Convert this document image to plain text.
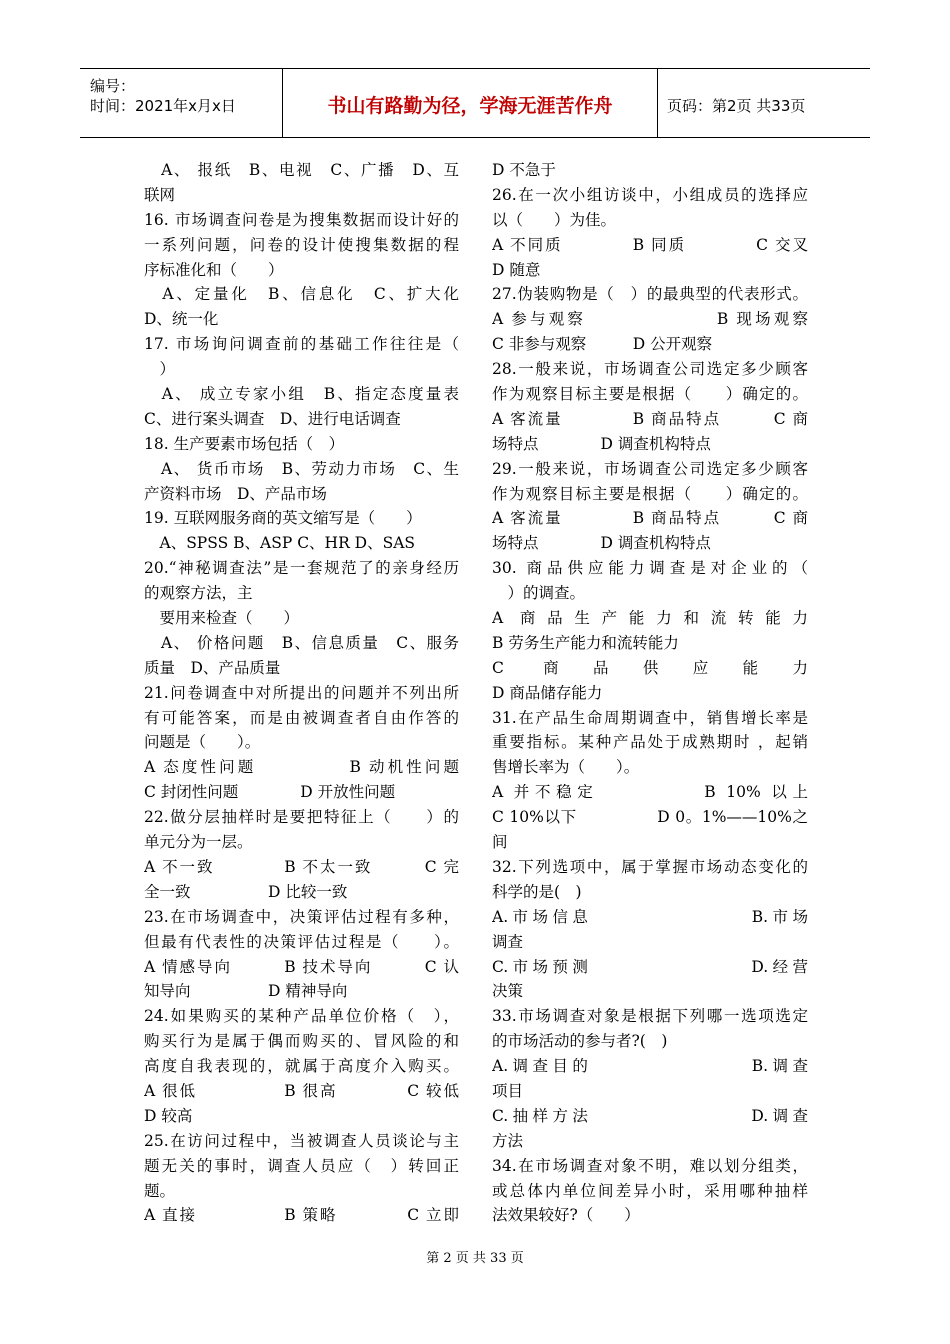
编号：
时间：2021年x月x日	书山有路勤为径，学海无涯苦作舟	页码：第2页 共33页
　A、 报纸　B、电视　C、广播　D、互
联网
16. 市场调查问卷是为搜集数据而设计好的
一系列问题，问卷的设计使搜集数据的程
序标准化和（　　）
　A、定量化　B、信息化　C、扩大化
D、统一化
17. 市场询问调查前的基础工作往往是（
　）
　A、 成立专家小组　B、指定态度量表
C、进行案头调查　D、进行电话调查
18. 生产要素市场包括（　）
　A、 货币市场　B、劳动力市场　C、生
产资料市场　D、产品市场
19. 互联网服务商的英文缩写是（　　）
　A、SPSS B、ASP C、HR D、SAS
20.“神秘调查法”是一套规范了的亲身经历
的观察方法，主
　要用来检查（　　）
　A、 价格问题　B、信息质量　C、服务
质量　D、产品质量
21.问卷调查中对所提出的问题并不列出所
有可能答案，而是由被调查者自由作答的
问题是（　　）。
A 态度性问题　　　　　B 动机性问题
C 封闭性问题　　　　D 开放性问题
22.做分层抽样时是要把特征上（　　）的
单元分为一层。
A 不一致　　　　B 不太一致　　　C 完
全一致　　　　　D 比较一致
23.在市场调查中，决策评估过程有多种，
但最有代表性的决策评估过程是（　　）。
A 情感导向　　　B 技术导向　　　C 认
知导向　　　　　D 精神导向
24.如果购买的某种产品单位价格（　），
购买行为是属于偶而购买的、冒风险的和
高度自我表现的，就属于高度介入购买。
A 很低　　　　　B 很高　　　　C 较低
D 较高
25.在访问过程中，当被调查人员谈论与主
题无关的事时，调查人员应（　）转回正
题。
A 直接　　　　　B 策略　　　　C 立即
D 不急于
26.在一次小组访谈中，小组成员的选择应
以（　　）为佳。
A 不同质　　　　B 同质　　　　C 交叉
D 随意
27.伪装购物是（　）的最典型的代表形式。
A 参与观察　　　　　　　B 现场观察
C 非参与观察　　　D 公开观察
28.一般来说，市场调查公司选定多少顾客
作为观察目标主要是根据（　　）确定的。
A 客流量　　　　B 商品特点　　　C 商
场特点　　　　D 调查机构特点
29.一般来说，市场调查公司选定多少顾客
作为观察目标主要是根据（　　）确定的。
A 客流量　　　　B 商品特点　　　C 商
场特点　　　　D 调查机构特点
30. 商品供应能力调查是对企业的（
　）的调查。
A 商品生产能力和流转能力
B 劳务生产能力和流转能力
C 商品供应能力
D 商品储存能力
31.在产品生命周期调查中，销售增长率是
重要指标。某种产品处于成熟期时 ，起销
售增长率为（　　）。
A 并不稳定　　　　　B 10% 以上
C 10%以下　　　　　D 0。1%——10%之
间
32.下列选项中，属于掌握市场动态变化的
科学的是(　)
A.市场信息　　　　　　　　B.市场
调查
C.市场预测　　　　　　　　D.经营
决策
33.市场调查对象是根据下列哪一选项选定
的市场活动的参与者?(　)
A.调查目的　　　　　　　　B.调查
项目
C.抽样方法　　　　　　　　D.调查
方法
34.在市场调查对象不明，难以划分组类，
或总体内单位间差异小时，采用哪种抽样
法效果较好?（　　）
第 2 页 共 33 页
